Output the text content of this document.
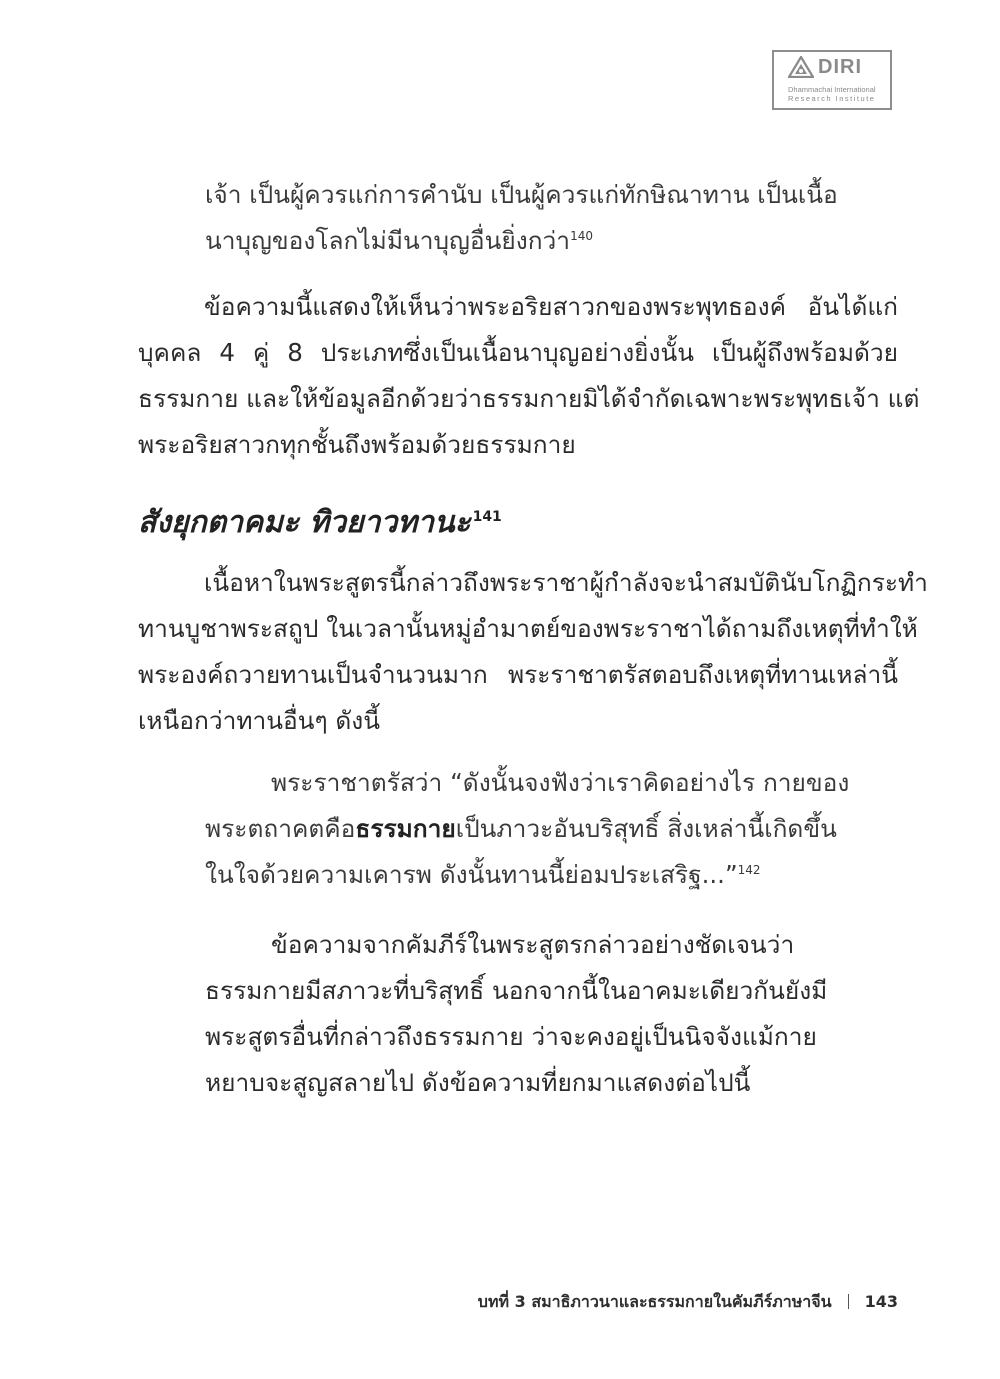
DIRI
Dhammachai International
Research Institute
เจ้า เป็นผู้ควรแก่การคำนับ เป็นผู้ควรแก่ทักษิณาทาน เป็นเนื้อ
นาบุญของโลกไม่มีนาบุญอื่นยิ่งกว่า$^{140}$
ข้อความนี้แสดงให้เห็นว่าพระอริยสาวกของพระพุทธองค์ อันได้แก่
บุคคล 4 คู่ 8 ประเภทซึ่งเป็นเนื้อนาบุญอย่างยิ่งนั้น เป็นผู้ถึงพร้อมด้วย
ธรรมกาย และให้ข้อมูลอีกด้วยว่าธรรมกายมิได้จำกัดเฉพาะพระพุทธเจ้า แต่
พระอริยสาวกทุกชั้นถึงพร้อมด้วยธรรมกาย
สังยุกตาคมะ ทิวยาวทานะ $^{141}$
เนื้อหาในพระสูตรนี้กล่าวถึงพระราชาผู้กำลังจะนำสมบัตินับโกฏิกระทำ
ทานบูชาพระสถูป ในเวลานั้นหมู่อำมาตย์ของพระราชาได้ถามถึงเหตุที่ทำให้
พระองค์ถวายทานเป็นจำนวนมาก พระราชาตรัสตอบถึงเหตุที่ทานเหล่านี้
เหนือกว่าทานอื่นๆ ดังนี้
พระราชาตรัสว่า “ดังนั้นจงฟังว่าเราคิดอย่างไร กายของ
พระตถาคตคือธรรมกายเป็นภาวะอันบริสุทธิ์ สิ่งเหล่านี้เกิดขึ้น
ในใจด้วยความเคารพ ดังนั้นทานนี้ย่อมประเสริฐ...”$^{142}$
ข้อความจากคัมภีร์ในพระสูตรกล่าวอย่างชัดเจนว่า
ธรรมกายมีสภาวะที่บริสุทธิ์ นอกจากนี้ในอาคมะเดียวกันยังมี
พระสูตรอื่นที่กล่าวถึงธรรมกาย ว่าจะคงอยู่เป็นนิจจังแม้กาย
หยาบจะสูญสลายไป ดังข้อความที่ยกมาแสดงต่อไปนี้
บทที่ 3 สมาธิภาวนาและธรรมกายในคัมภีร์ภาษาจีน 143
